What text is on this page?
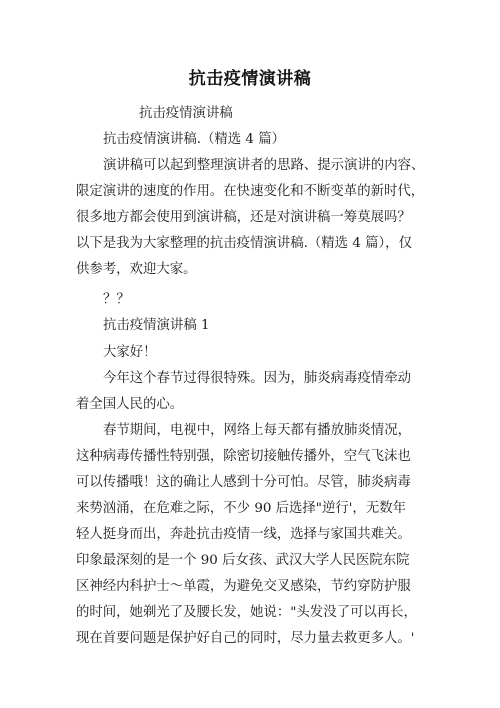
抗击疫情演讲稿
抗击疫情演讲稿
抗击疫情演讲稿.（精选 4 篇）
演讲稿可以起到整理演讲者的思路、提示演讲的内容、
限定演讲的速度的作用。在快速变化和不断变革的新时代，
很多地方都会使用到演讲稿，还是对演讲稿一筹莫展吗？
以下是我为大家整理的抗击疫情演讲稿.（精选 4 篇），仅
供参考，欢迎大家。
？？
抗击疫情演讲稿 1
大家好！
今年这个春节过得很特殊。因为，肺炎病毒疫情牵动
着全国人民的心。
春节期间，电视中，网络上每天都有播放肺炎情况，
这种病毒传播性特别强，除密切接触传播外，空气飞沫也
可以传播哦！这的确让人感到十分可怕。尽管，肺炎病毒
来势汹涌，在危难之际，不少 90 后选择"逆行'，无数年
轻人挺身而出，奔赴抗击疫情一线，选择与家国共难关。
印象最深刻的是一个 90 后女孩、武汉大学人民医院东院
区神经内科护士～单霞，为避免交叉感染，节约穿防护服
的时间，她剃光了及腰长发，她说："头发没了可以再长，
现在首要问题是保护好自己的同时，尽力量去救更多人。'
